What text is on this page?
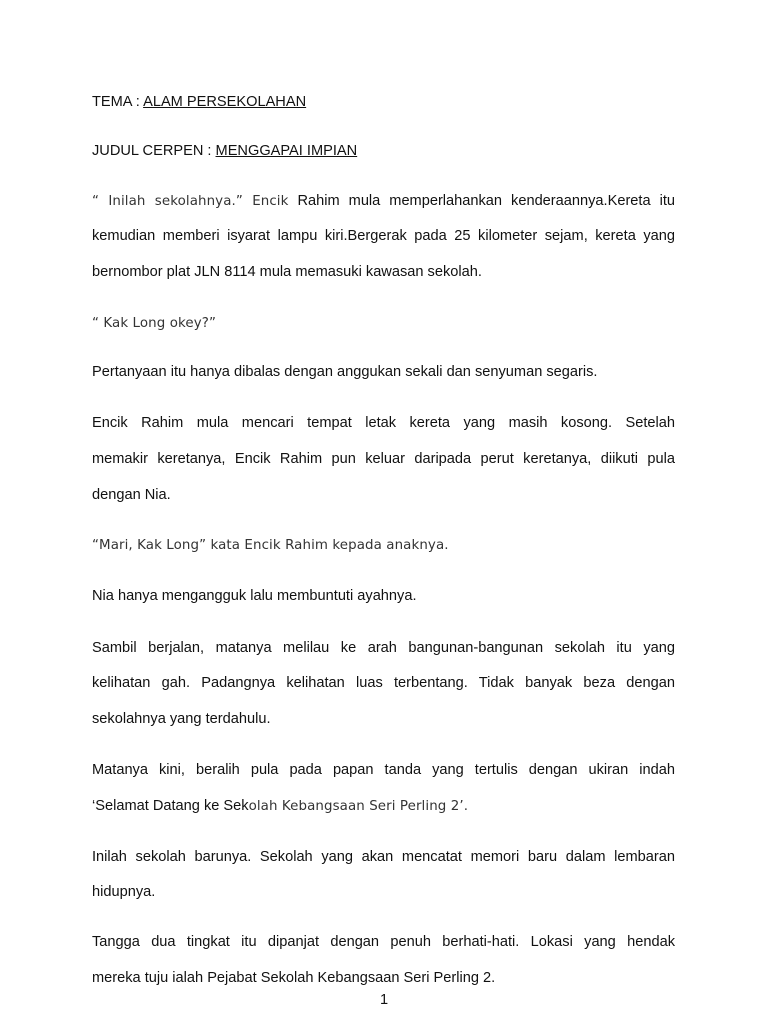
TEMA : ALAM PERSEKOLAHAN
JUDUL CERPEN : MENGGAPAI IMPIAN
“ Inilah sekolahnya.” Encik Rahim mula memperlahankan kenderaannya.Kereta itu
kemudian memberi isyarat lampu kiri.Bergerak pada 25 kilometer sejam, kereta yang
bernombor plat JLN 8114 mula memasuki kawasan sekolah.
“ Kak Long okey?”
Pertanyaan itu hanya dibalas dengan anggukan sekali dan senyuman segaris.
Encik Rahim mula mencari tempat letak kereta yang masih kosong. Setelah
memakir keretanya, Encik Rahim pun keluar daripada perut keretanya, diikuti pula
dengan Nia.
“Mari, Kak Long” kata Encik Rahim kepada anaknya.
Nia hanya mengangguk lalu membuntuti ayahnya.
Sambil berjalan, matanya melilau ke arah bangunan-bangunan sekolah itu yang
kelihatan gah. Padangnya kelihatan luas terbentang. Tidak banyak beza dengan
sekolahnya yang terdahulu.
Matanya kini, beralih pula pada papan tanda yang tertulis dengan ukiran indah
‘Selamat Datang ke Sekolah Kebangsaan Seri Perling 2’.
Inilah sekolah barunya. Sekolah yang akan mencatat memori baru dalam lembaran
hidupnya.
Tangga dua tingkat itu dipanjat dengan penuh berhati-hati. Lokasi yang hendak
mereka tuju ialah Pejabat Sekolah Kebangsaan Seri Perling 2.
1
